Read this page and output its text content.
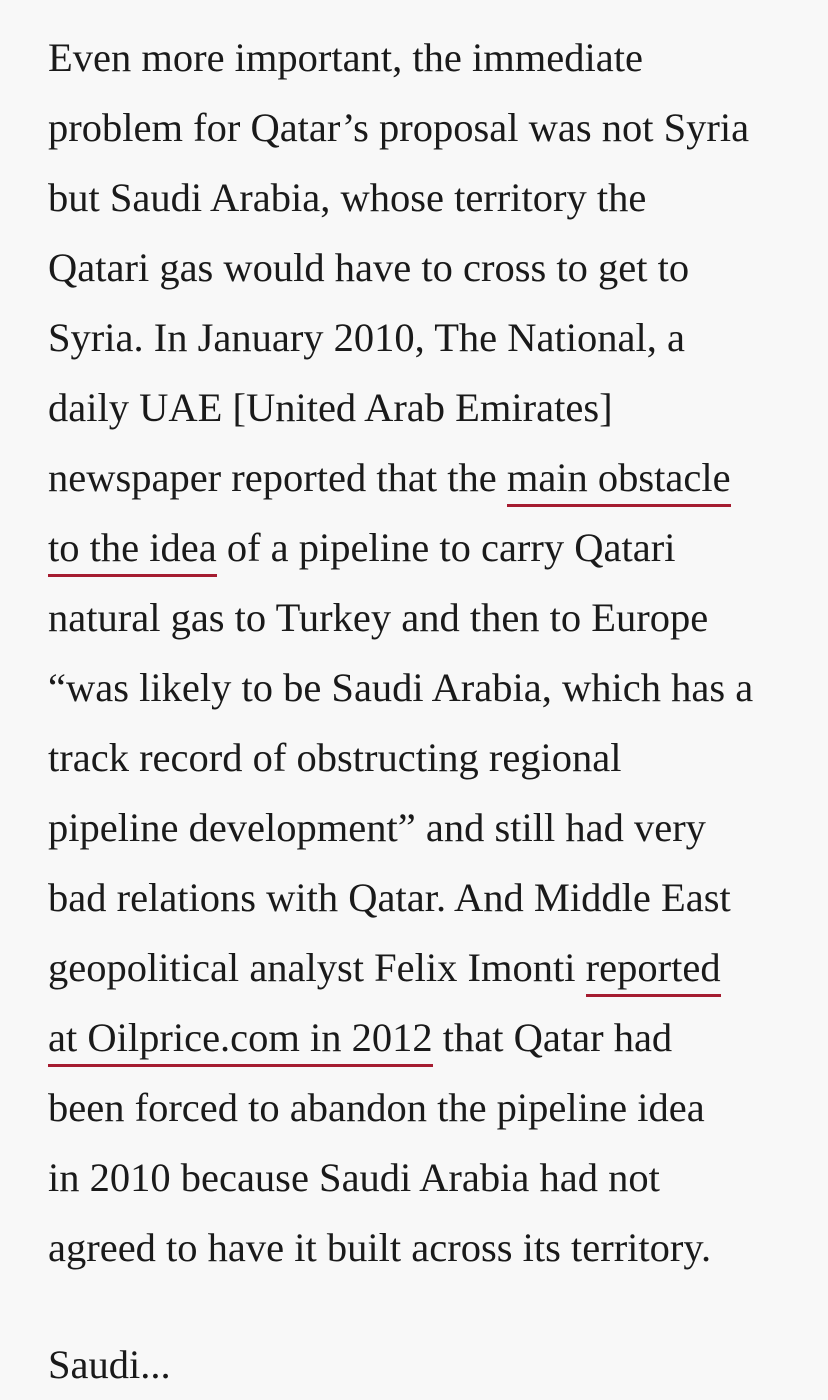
Even more important, the immediate
problem for Qatar’s proposal was not Syria
but Saudi Arabia, whose territory the
Qatari gas would have to cross to get to
Syria. In January 2010, The National, a
daily UAE [United Arab Emirates]
newspaper reported that the main obstacle
to the idea of a pipeline to carry Qatari
natural gas to Turkey and then to Europe
“was likely to be Saudi Arabia, which has a
track record of obstructing regional
pipeline development” and still had very
bad relations with Qatar. And Middle East
geopolitical analyst Felix Imonti reported
at Oilprice.com in 2012 that Qatar had
been forced to abandon the pipeline idea
in 2010 because Saudi Arabia had not
agreed to have it built across its territory.

Saudi...
